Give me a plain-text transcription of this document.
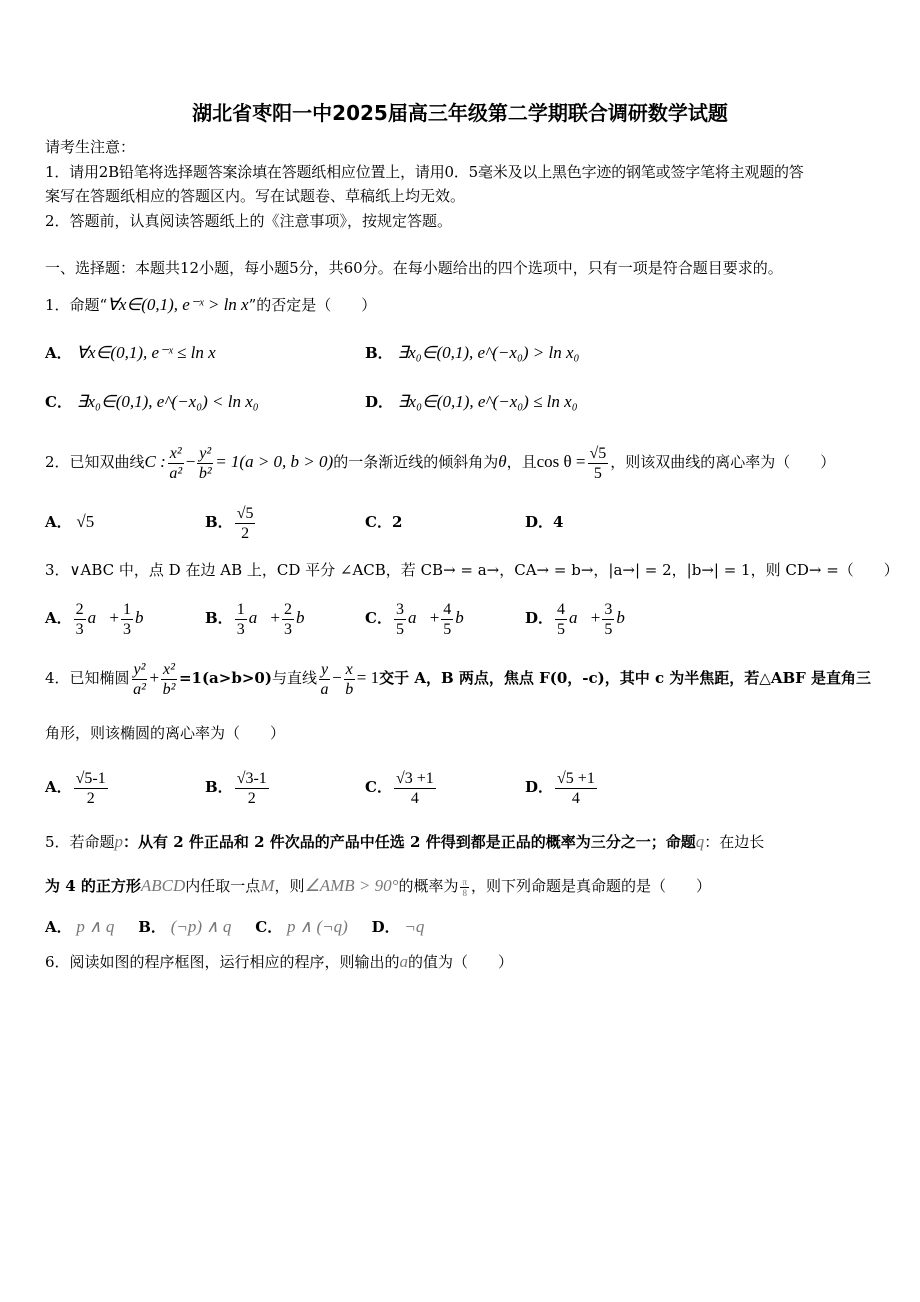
湖北省枣阳一中2025届高三年级第二学期联合调研数学试题
请考生注意：
1．请用2B铅笔将选择题答案涂填在答题纸相应位置上，请用0．5毫米及以上黑色字迹的钢笔或签字笔将主观题的答
案写在答题纸相应的答题区内。写在试题卷、草稿纸上均无效。
2．答题前，认真阅读答题纸上的《注意事项》，按规定答题。
一、选择题：本题共12小题，每小题5分，共60分。在每小题给出的四个选项中，只有一项是符合题目要求的。
1．命题“∀x∈(0,1), e⁻ˣ > ln x”的否定是（　　）
A． ∀x∈(0,1), e⁻ˣ ≤ ln x	B． ∃x₀∈(0,1), e^(−x₀) > ln x₀
C． ∃x₀∈(0,1), e^(−x₀) < ln x₀	D． ∃x₀∈(0,1), e^(−x₀) ≤ ln x₀
2．已知双曲线C : $\frac{\text{x²}}{\text{a²}} - \frac{\text{y²}}{\text{b²}} = 1(a > 0$, b > 0)的一条渐近线的倾斜角为θ，且$\cos \theta = \frac{√5}{5}$ ，则该双曲线的离心率为（　　）
A． √5	B． $\frac{√5}{2}$	C．2	D．4
3．∨ABC 中，点 D 在边 AB 上，CD 平分 ∠ACB，若 CB→ = a→，CA→ = b→，|a→| = 2，|b→| = 1，则 CD→ =（　　）
A． $\frac{2}{3}$ a⃗+ $\frac{1}{3}$ b⃗	B． $\frac{1}{3}$ a⃗+ $\frac{2}{3}$ b⃗	C． $\frac{3}{5}$ a⃗+ $\frac{4}{5}$ b⃗	D． $\frac{4}{5}$ a⃗+ $\frac{3}{5}$ b⃗
4．已知椭圆 $\frac{\text{y²}}{\text{a²}} + \frac{\text{x²}}{\text{b²}} =1(a>b>0)$与直线 $\frac{y}{a} - \frac{x}{b} = 1$交于 A，B 两点，焦点 F(0，-c)，其中 c 为半焦距，若△ABF 是直角三
角形，则该椭圆的离心率为（　　）
A． $\frac{√5-1}{2}$	B． $\frac{√3-1}{2}$	C． $\frac{√3 +1}{4}$	D． $\frac{√5 +1}{4}$
5．若命题p：从有 2 件正品和 2 件次品的产品中任选 2 件得到都是正品的概率为三分之一；命题q：在边长
为 4 的正方形ABCD内任取一点M，则∠AMB > 90°的概率为 $\frac{\pi}{8}$ ，则下列命题是真命题的是（　　）
A． p ∧ q B． (¬p) ∧ q C． p ∧ (¬q) D． ¬q
6．阅读如图的程序框图，运行相应的程序，则输出的a的值为（　　）
